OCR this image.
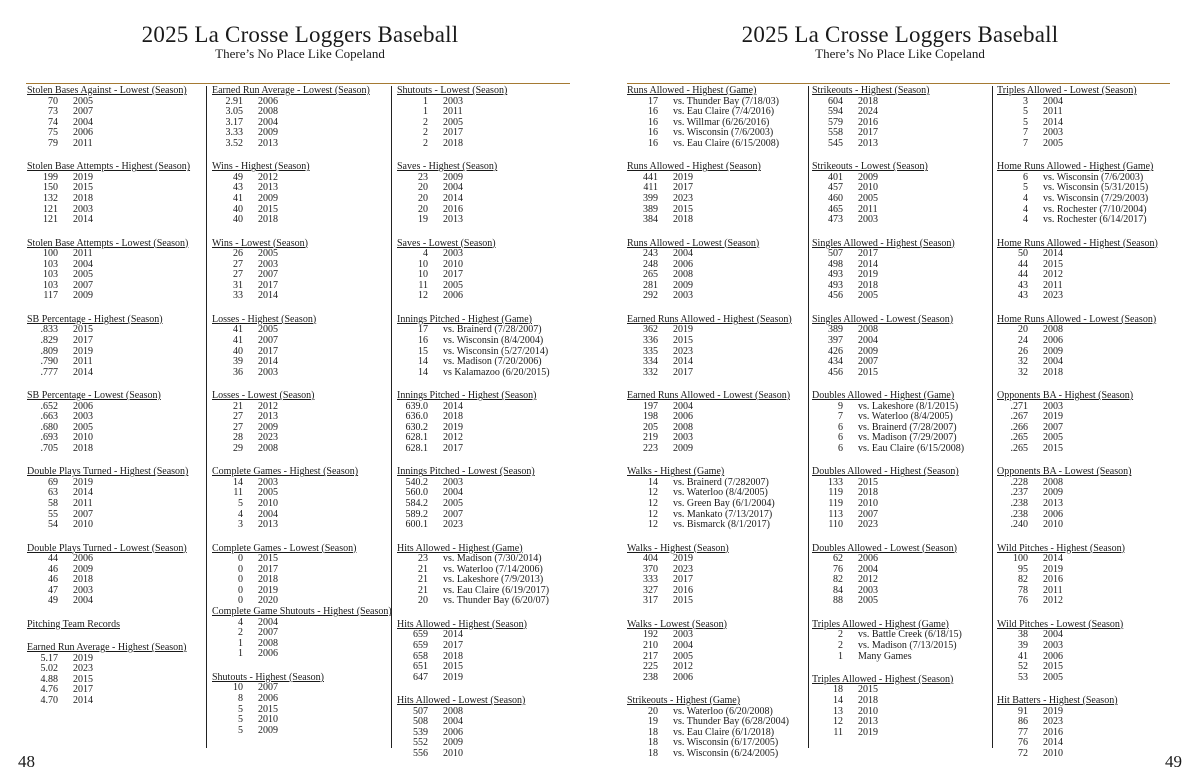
2025 La Crosse Loggers Baseball
There’s No Place Like Copeland
48
Stolen Bases Against - Lowest (Season)
70	2005
73	2007
74	2004
75	2006
79	2011
Stolen Base Attempts - Highest (Season)
199	2019
150	2015
132	2018
121	2003
121	2014
Stolen Base Attempts - Lowest (Season)
100	2011
103	2004
103	2005
103	2007
117	2009
SB Percentage - Highest (Season)
.833	2015
.829	2017
.809	2019
.790	2011
.777	2014
SB Percentage - Lowest (Season)
.652	2006
.663	2003
.680	2005
.693	2010
.705	2018
Double Plays Turned - Highest (Season)
69	2019
63	2014
58	2011
55	2007
54	2010
Double Plays Turned - Lowest (Season)
44	2006
46	2009
46	2018
47	2003
49	2004
Pitching Team Records
Earned Run Average - Highest (Season)
5.17	2019
5.02	2023
4.88	2015
4.76	2017
4.70	2014
Earned Run Average - Lowest (Season)
2.91	2006
3.05	2008
3.17	2004
3.33	2009
3.52	2013
Wins - Highest (Season)
49	2012
43	2013
41	2009
40	2015
40	2018
Wins - Lowest (Season)
26	2005
27	2003
27	2007
31	2017
33	2014
Losses - Highest (Season)
41	2005
41	2007
40	2017
39	2014
36	2003
Losses - Lowest (Season)
21	2012
27	2013
27	2009
28	2023
29	2008
Complete Games - Highest (Season)
14	2003
11	2005
5	2010
4	2004
3	2013
Complete Games - Lowest (Season)
0	2015
0	2017
0	2018
0	2019
0	2020
Complete Game Shutouts - Highest (Season)
4	2004
2	2007
1	2008
1	2006
Shutouts - Highest (Season)
10	2007
8	2006
5	2015
5	2010
5	2009
Shutouts - Lowest (Season)
1	2003
1	2011
2	2005
2	2017
2	2018
Saves - Highest (Season)
23	2009
20	2004
20	2014
20	2016
19	2013
Saves - Lowest (Season)
4	2003
10	2010
10	2017
11	2005
12	2006
Innings Pitched - Highest (Game)
17	vs. Brainerd (7/28/2007)
16	vs. Wisconsin (8/4/2004)
15	vs. Wisconsin (5/27/2014)
14	vs. Madison (7/20/2006)
14	vs Kalamazoo (6/20/2015)
Innings Pitched - Highest (Season)
639.0	2014
636.0	2018
630.2	2019
628.1	2012
628.1	2017
Innings Pitched - Lowest (Season)
540.2	2003
560.0	2004
584.2	2005
589.2	2007
600.1	2023
Hits Allowed - Highest (Game)
23	vs. Madison (7/30/2014)
21	vs. Waterloo (7/14/2006)
21	vs. Lakeshore (7/9/2013)
21	vs. Eau Claire (6/19/2017)
20	vs. Thunder Bay (6/20/07)
Hits Allowed - Highest (Season)
659	2014
659	2017
658	2018
651	2015
647	2019
Hits Allowed - Lowest (Season)
507	2008
508	2004
539	2006
552	2009
556	2010
2025 La Crosse Loggers Baseball
There’s No Place Like Copeland
49
Runs Allowed - Highest (Game)
17	vs. Thunder Bay (7/18/03)
16	vs. Eau Claire (7/4/2016)
16	vs. Willmar (6/26/2016)
16	vs. Wisconsin (7/6/2003)
16	vs. Eau Claire (6/15/2008)
Runs Allowed - Highest (Season)
441	2019
411	2017
399	2023
389	2015
384	2018
Runs Allowed - Lowest (Season)
243	2004
248	2006
265	2008
281	2009
292	2003
Earned Runs Allowed - Highest (Season)
362	2019
336	2015
335	2023
334	2014
332	2017
Earned Runs Allowed - Lowest (Season)
197	2004
198	2006
205	2008
219	2003
223	2009
Walks - Highest (Game)
14	vs. Brainerd (7/282007)
12	vs. Waterloo (8/4/2005)
12	vs. Green Bay (6/1/2004)
12	vs. Mankato (7/13/2017)
12	vs. Bismarck (8/1/2017)
Walks - Highest (Season)
404	2019
370	2023
333	2017
327	2016
317	2015
Walks - Lowest (Season)
192	2003
210	2004
217	2005
225	2012
238	2006
Strikeouts - Highest (Game)
20	vs. Waterloo (6/20/2008)
19	vs. Thunder Bay (6/28/2004)
18	vs. Eau Claire (6/1/2018)
18	vs. Wisconsin (6/17/2005)
18	vs. Wisconsin (6/24/2005)
Strikeouts - Highest (Season)
604	2018
594	2024
579	2016
558	2017
545	2013
Strikeouts - Lowest (Season)
401	2009
457	2010
460	2005
465	2011
473	2003
Singles Allowed - Highest (Season)
507	2017
498	2014
493	2019
493	2018
456	2005
Singles Allowed - Lowest (Season)
389	2008
397	2004
426	2009
434	2007
456	2015
Doubles Allowed - Highest (Game)
9	vs. Lakeshore (8/1/2015)
7	vs. Waterloo (8/4/2005)
6	vs. Brainerd (7/28/2007)
6	vs. Madison (7/29/2007)
6	vs. Eau Claire (6/15/2008)
Doubles Allowed - Highest (Season)
133	2015
119	2018
119	2010
113	2007
110	2023
Doubles Allowed - Lowest (Season)
62	2006
76	2004
82	2012
84	2003
88	2005
Triples Allowed - Highest (Game)
2	vs. Battle Creek (6/18/15)
2	vs. Madison (7/13/2015)
1	Many Games
Triples Allowed - Highest (Season)
18	2015
14	2018
13	2010
12	2013
11	2019
Triples Allowed - Lowest (Season)
3	2004
5	2011
5	2014
7	2003
7	2005
Home Runs Allowed - Highest (Game)
6	vs. Wisconsin (7/6/2003)
5	vs. Wisconsin (5/31/2015)
4	vs. Wisconsin (7/29/2003)
4	vs. Rochester (7/10/2004)
4	vs. Rochester (6/14/2017)
Home Runs Allowed - Highest (Season)
50	2014
44	2015
44	2012
43	2011
43	2023
Home Runs Allowed - Lowest (Season)
20	2008
24	2006
26	2009
32	2004
32	2018
Opponents BA - Highest (Season)
.271	2003
.267	2019
.266	2007
.265	2005
.265	2015
Opponents BA - Lowest (Season)
.228	2008
.237	2009
.238	2013
.238	2006
.240	2010
Wild Pitches - Highest (Season)
100	2014
95	2019
82	2016
78	2011
76	2012
Wild Pitches - Lowest (Season)
38	2004
39	2003
41	2006
52	2015
53	2005
Hit Batters - Highest (Season)
91	2019
86	2023
77	2016
76	2014
72	2010
